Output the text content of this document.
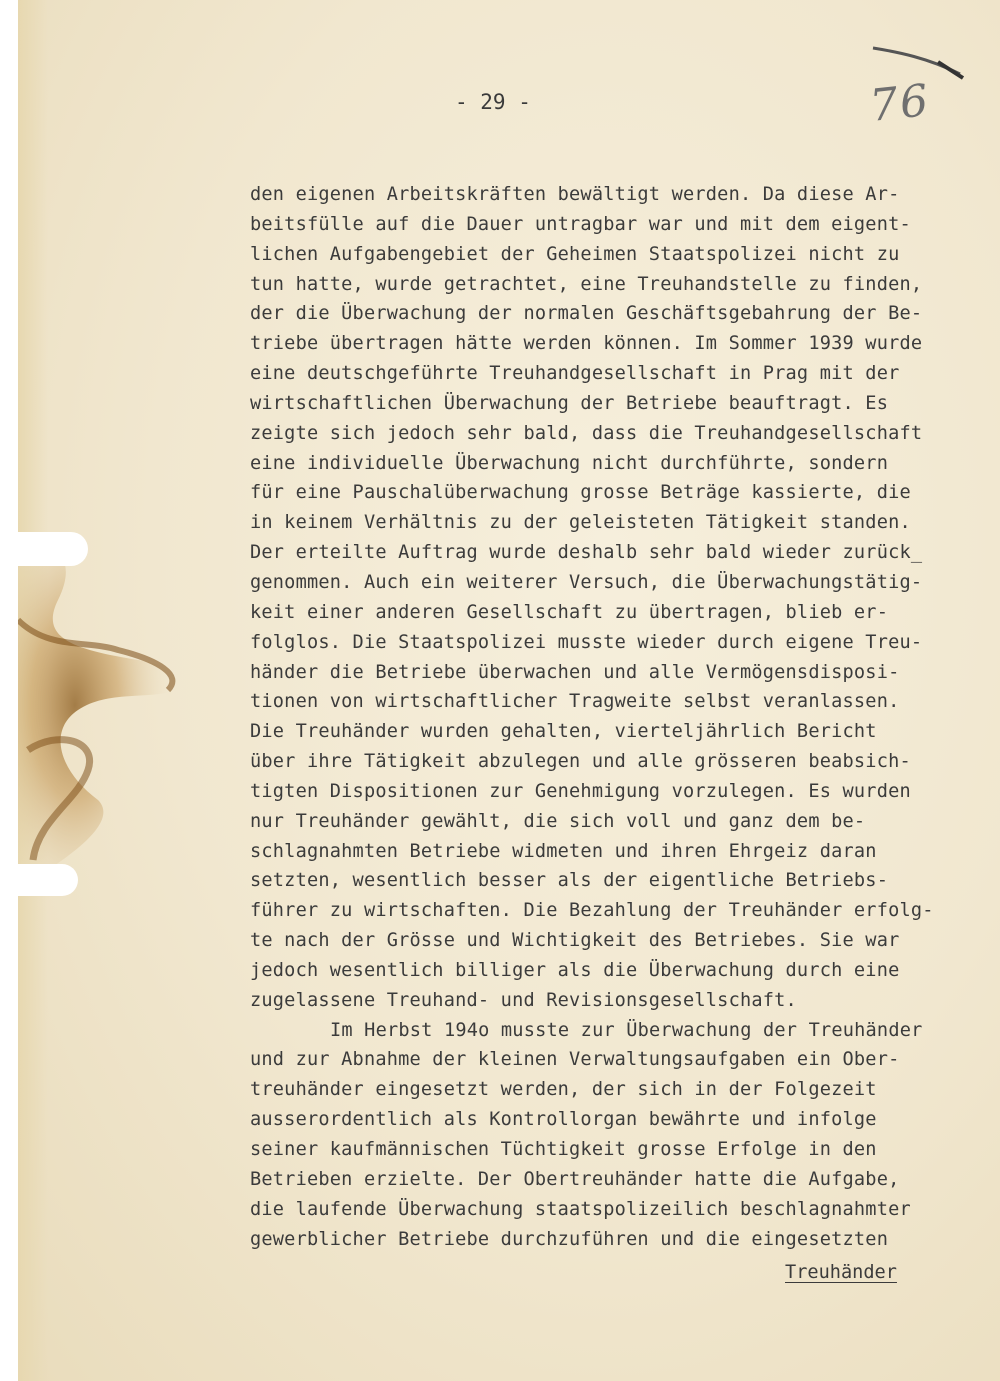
- 29 -	76
den eigenen Arbeitskräften bewältigt werden. Da diese Ar-
beitsfülle auf die Dauer untragbar war und mit dem eigent-
lichen Aufgabengebiet der Geheimen Staatspolizei nicht zu
tun hatte, wurde getrachtet, eine Treuhandstelle zu finden,
der die Überwachung der normalen Geschäftsgebahrung der Be-
triebe übertragen hätte werden können. Im Sommer 1939 wurde
eine deutschgeführte Treuhandgesellschaft in Prag mit der
wirtschaftlichen Überwachung der Betriebe beauftragt. Es
zeigte sich jedoch sehr bald, dass die Treuhandgesellschaft
eine individuelle Überwachung nicht durchführte, sondern
für eine Pauschalüberwachung grosse Beträge kassierte, die
in keinem Verhältnis zu der geleisteten Tätigkeit standen.
Der erteilte Auftrag wurde deshalb sehr bald wieder zurück_
genommen. Auch ein weiterer Versuch, die Überwachungstätig-
keit einer anderen Gesellschaft zu übertragen, blieb er-
folglos. Die Staatspolizei musste wieder durch eigene Treu-
händer die Betriebe überwachen und alle Vermögensdisposi-
tionen von wirtschaftlicher Tragweite selbst veranlassen.
Die Treuhänder wurden gehalten, vierteljährlich Bericht
über ihre Tätigkeit abzulegen und alle grösseren beabsich-
tigten Dispositionen zur Genehmigung vorzulegen. Es wurden
nur Treuhänder gewählt, die sich voll und ganz dem be-
schlagnahmten Betriebe widmeten und ihren Ehrgeiz daran
setzten, wesentlich besser als der eigentliche Betriebs-
führer zu wirtschaften. Die Bezahlung der Treuhänder erfolg-
te nach der Grösse und Wichtigkeit des Betriebes. Sie war
jedoch wesentlich billiger als die Überwachung durch eine
zugelassene Treuhand- und Revisionsgesellschaft.
Im Herbst 194o musste zur Überwachung der Treuhänder
und zur Abnahme der kleinen Verwaltungsaufgaben ein Ober-
treuhänder eingesetzt werden, der sich in der Folgezeit
ausserordentlich als Kontrollorgan bewährte und infolge
seiner kaufmännischen Tüchtigkeit grosse Erfolge in den
Betrieben erzielte. Der Obertreuhänder hatte die Aufgabe,
die laufende Überwachung staatspolizeilich beschlagnahmter
gewerblicher Betriebe durchzuführen und die eingesetzten
Treuhänder
